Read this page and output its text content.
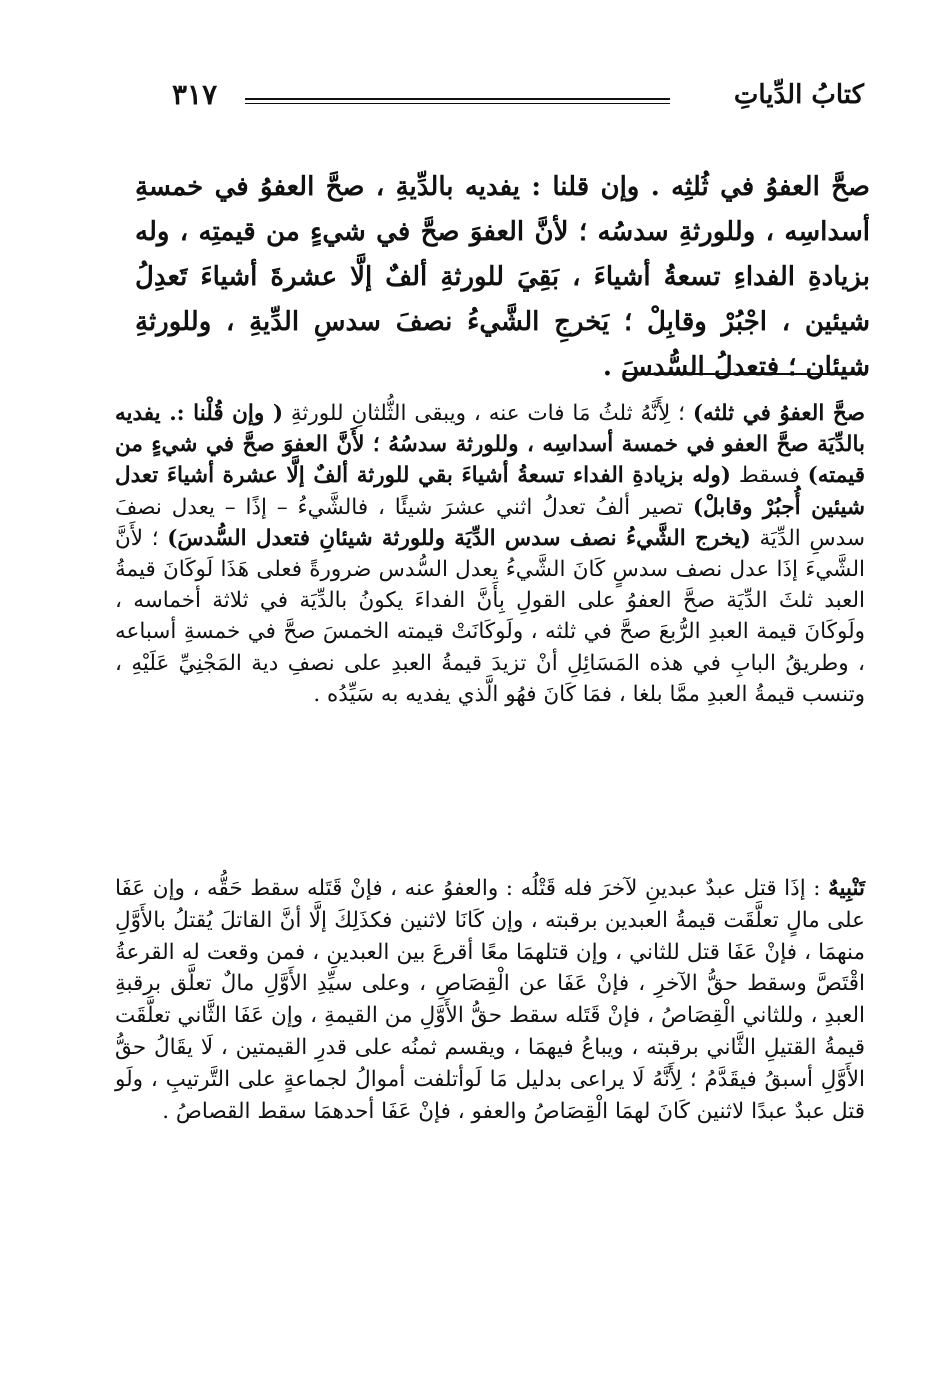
٣١٧	كتابُ الدِّياتِ
صحَّ العفوُ في ثُلثِه . وإن قلنا : يفديه بالدِّيةِ ، صحَّ العفوُ في خمسةِ أسداسِه ، وللورثةِ سدسُه ؛ لأنَّ العفوَ صحَّ في شيءٍ من قيمتِه ، وله بزيادةِ الفداءِ تسعةُ أشياءَ ، بَقِيَ للورثةِ ألفٌ إلَّا عشرةَ أشياءَ تَعدِلُ شيئين ، اجْبُرْ وقابِلْ ؛ يَخرجِ الشَّيءُ نصفَ سدسِ الدِّيةِ ، وللورثةِ شيئان ؛ فتعدلُ السُّدسَ .
صحَّ العفوُ في ثلثه) ؛ لِأَنَّهُ ثلثُ مَا فات عنه ، ويبقى الثُّلثانِ للورثةِ ( وإن قُلْنا :. يفديه بالدِّيَة صحَّ العفو في خمسة أسداسِه ، وللورثة سدسُهُ ؛ لأَنَّ العفوَ صحَّ في شيءٍ من قيمته) فسقط (وله بزيادةِ الفداء تسعةُ أشياءَ بقي للورثة ألفٌ إلَّا عشرة أشياءَ تعدل شيئين أُجبُرْ وقابلْ) تصير ألفُ تعدلُ اثني عشرَ شيئًا ، فالشَّيءُ – إذًا – يعدل نصفَ سدسِ الدِّيَة (يخرج الشَّيءُ نصف سدس الدِّيَة وللورثة شيئانِ فتعدل السُّدسَ) ؛ لأَنَّ الشَّيءَ إذَا عدل نصف سدسٍ كَانَ الشَّيءُ يعدل السُّدس ضرورةً فعلى هَذَا لَوكَانَ قيمةُ العبد ثلثَ الدِّيَة صحَّ العفوُ على القولِ بِأَنَّ الفداءَ يكونُ بالدِّيَة في ثلاثة أخماسه ، ولَوكَانَ قيمة العبدِ الرُّبعَ صحَّ في ثلثه ، ولَوكَانَتْ قيمته الخمسَ صحَّ في خمسةِ أسباعه ، وطريقُ البابِ في هذه المَسَائِلِ أنْ تزيدَ قيمةُ العبدِ على نصفِ دية المَجْنِيِّ عَلَيْهِ ، وتنسب قيمةُ العبدِ ممَّا بلغا ، فمَا كَانَ فهُو الَّذي يفديه به سَيِّدُه .
تَنْبِيهٌ : إذَا قتل عبدٌ عبدينِ لآخرَ فله قَتْلُه : والعفوُ عنه ، فإنْ قَتَله سقط حَقُّه ، وإن عَفَا على مالٍ تعلَّقَت قيمةُ العبدين برقبته ، وإن كَانَا لاثنين فكذَلِكَ إلَّا أنَّ القاتلَ يُقتلُ بالأَوَّلِ منهمَا ، فإنْ عَفَا قتل للثاني ، وإن قتلهمَا معًا أقرعَ بين العبدينِ ، فمن وقعت له القرعةُ اقْتَصَّ وسقط حقُّ الآخرِ ، فإنْ عَفَا عن الْقِصَاصِ ، وعلى سيِّدِ الأَوَّلِ مالٌ تعلَّق برقبةِ العبدِ ، وللثاني الْقِصَاصُ ، فإنْ قَتَله سقط حقُّ الأَوَّلِ من القيمةِ ، وإن عَفَا الثَّاني تعلَّقَت قيمةُ القتيلِ الثَّاني برقبته ، ويباعُ فيهمَا ، ويقسم ثمنُه على قدرِ القيمتين ، لَا يقَالُ حقُّ الأَوَّلِ أسبقُ فيقَدَّمُ ؛ لِأَنَّهُ لَا يراعى بدليل مَا لَوأتلفت أموالُ لجماعةٍ على التَّرتيبِ ، ولَو قتل عبدٌ عبدًا لاثنين كَانَ لهمَا الْقِصَاصُ والعفو ، فإنْ عَفَا أحدهمَا سقط القصاصُ .
